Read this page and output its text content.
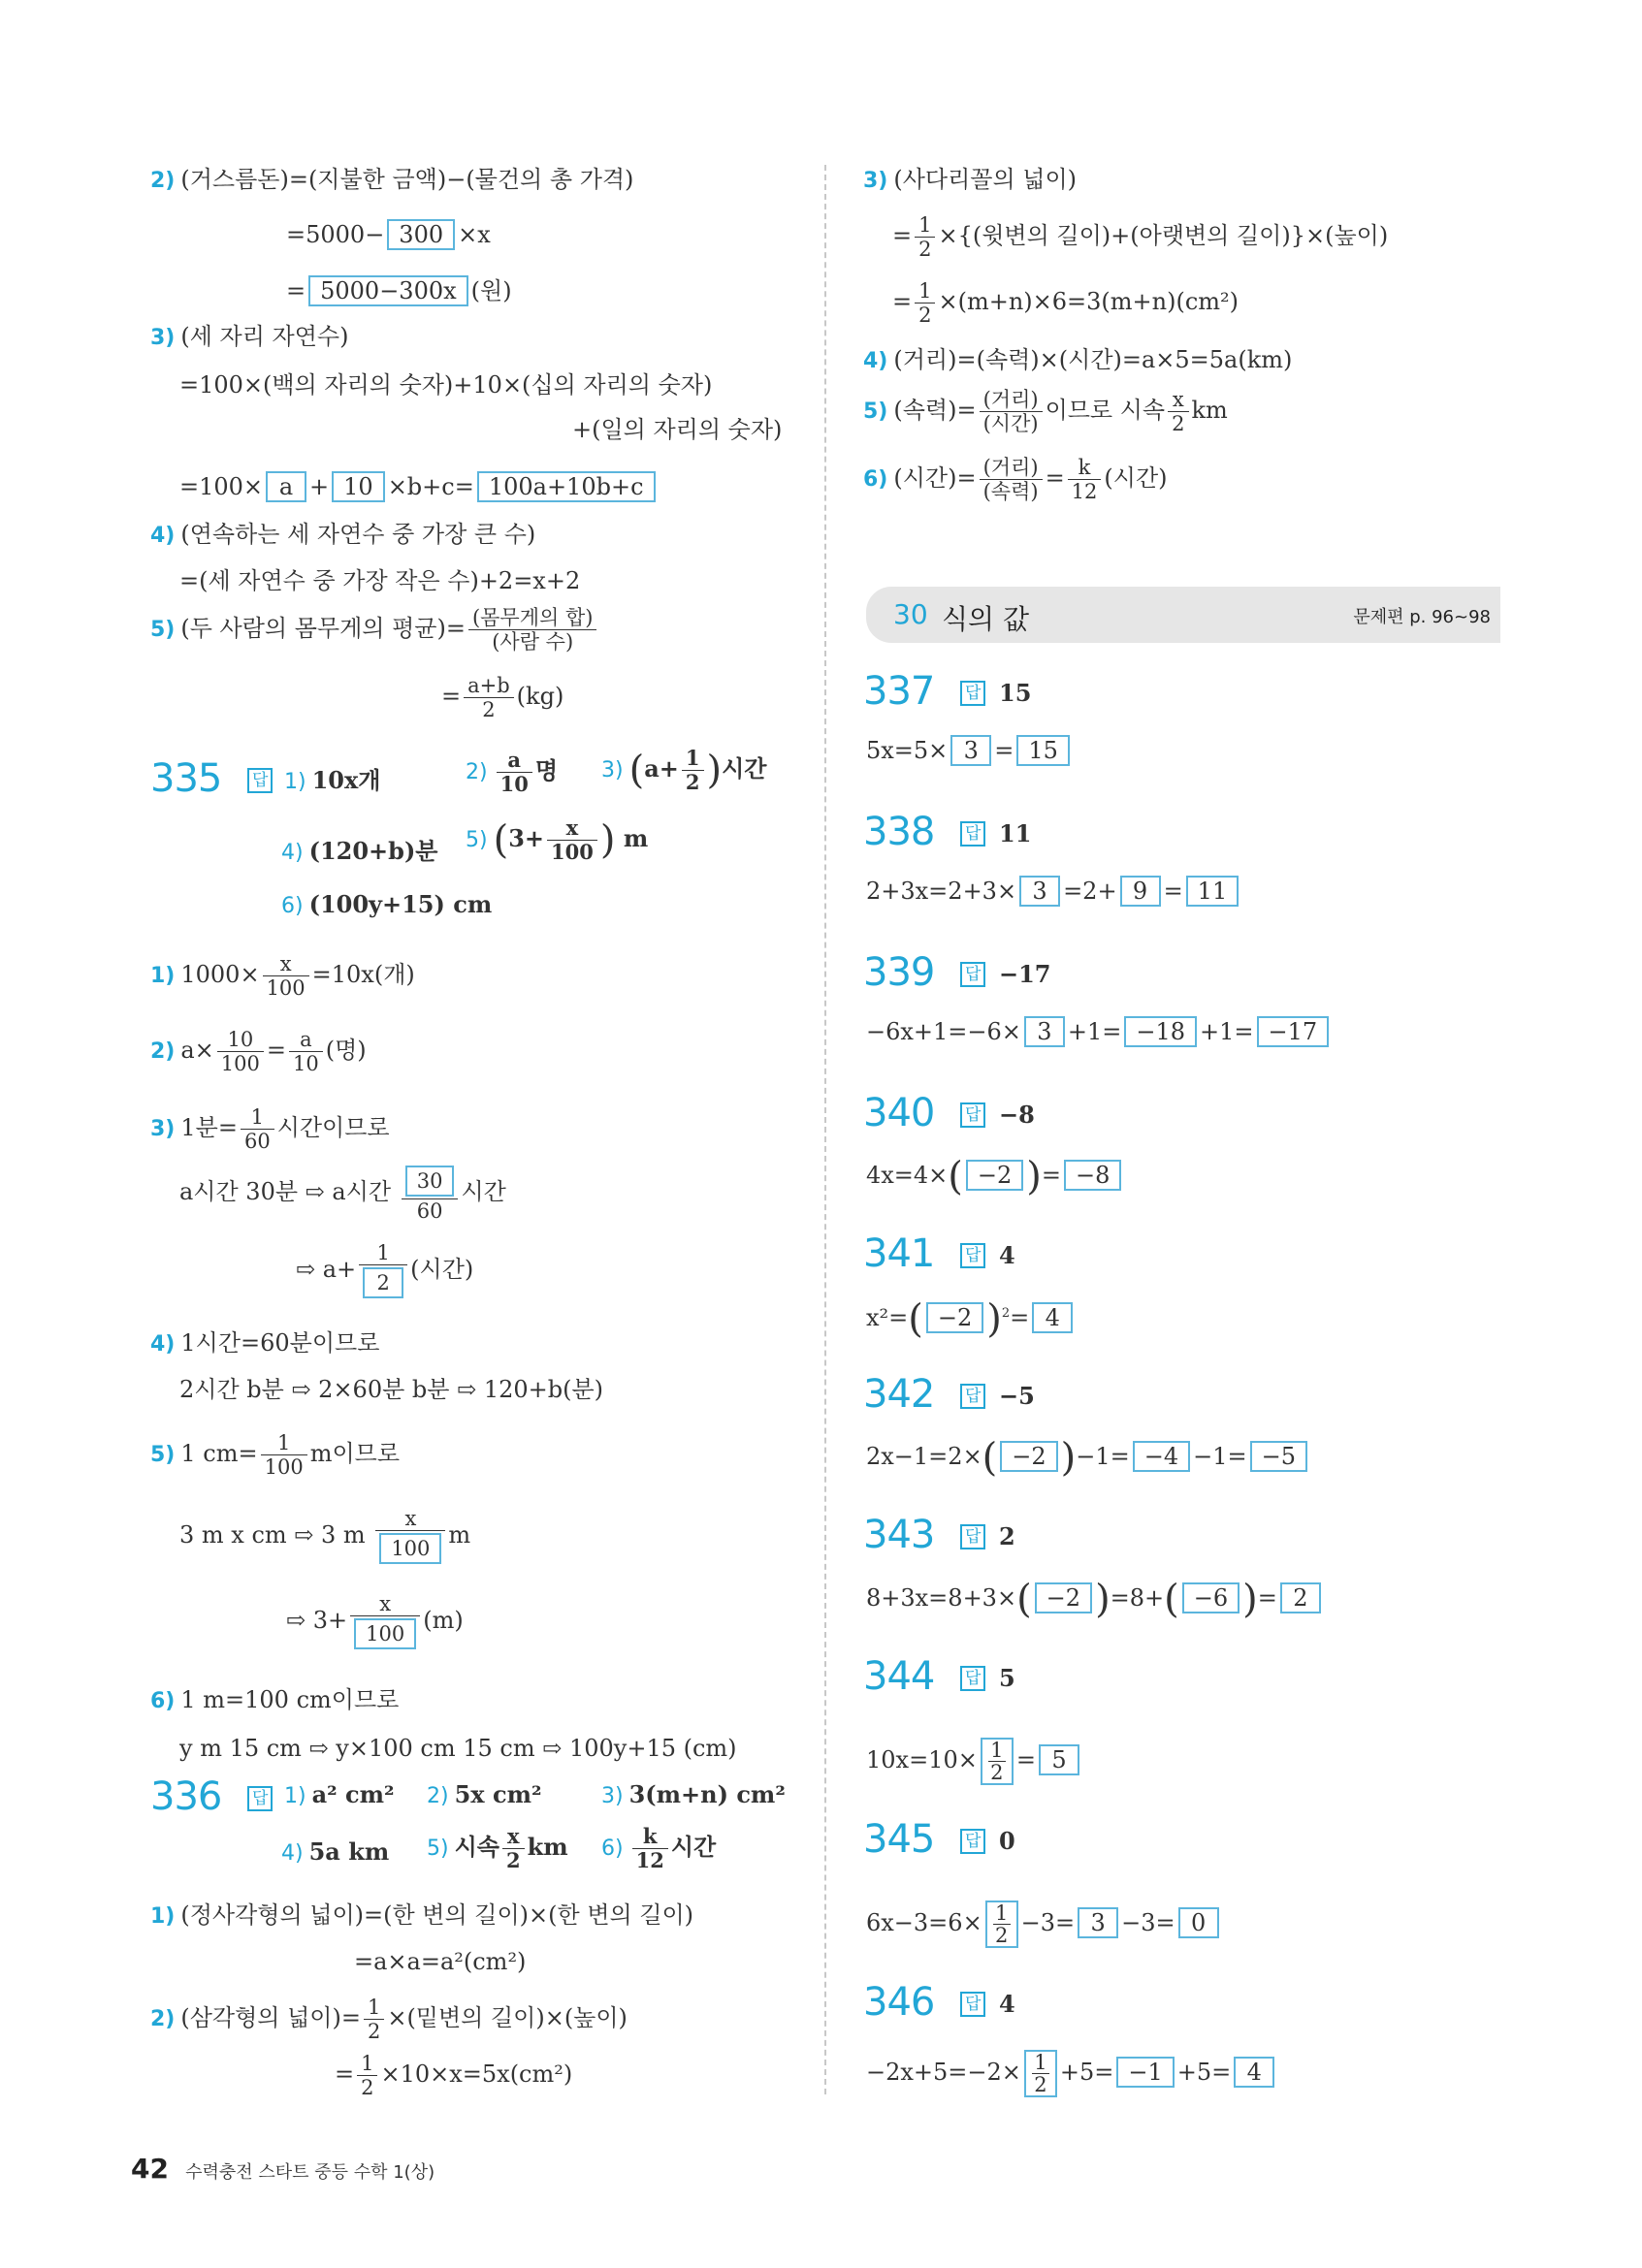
2) (거스름돈)=(지불한 금액)−(물건의 총 가격)
=5000− 300 ×x
= 5000−300x (원)
3) (세 자리 자연수)
=100×(백의 자리의 숫자)+10×(십의 자리의 숫자)
+(일의 자리의 숫자)
=100× a + 10 ×b+c= 100a+10b+c
4) (연속하는 세 자연수 중 가장 큰 수)
=(세 자연수 중 가장 작은 수)+2=x+2
5) (두 사람의 몸무게의 평균)= $\frac{\text{(몸무게의 합)}}{\text{(사람 수)}}$
= $\frac{a+b}{2} (kg)$
335 답 1) 10x개	$2) \frac{a}{10}$ 명 3) ($a+ \frac{1}{2}$ )시간
4) (120+b)분 5) ($3+ \frac{x}{100}$ ) m
6) (100y+15) cm
1) $1000\times \frac{x}{100} =10x$(개)
2) $a\times \frac{10}{100} = \frac{a}{10}$ (명)
3) 1분= $\frac{1}{60}$ 시간이므로
a시간 30분 ⇨ a시간 $\frac{30}{60}$ 시간
⇨ $a+ \frac{1}{2}$ (시간)
4) 1시간=60분이므로
2시간 b분 ⇨ 2×60분 b분 ⇨ 120+b(분)
5) 1 $cm= \frac{1}{100}$ m이므로
3 m x cm ⇨ 3 m $\frac{x}{100}$ m
⇨ $3+ \frac{x}{100} (m)$
6) 1 m=100 cm이므로
y m 15 cm ⇨ y×100 cm 15 cm ⇨ 100y+15 (cm)
336 답 1) a² cm² 2) 5x cm²	3) 3(m+n) cm²
4) 5a km 5) 시속 $\frac{x}{2}$ km $6) \frac{k}{12}$ 시간
1) (정사각형의 넓이)=(한 변의 길이)×(한 변의 길이)
=a×a=a²(cm²)
2) (삼각형의 넓이)= $\frac{1}{2}$ ×(밑변의 길이)×(높이)
= $\frac{1}{2} \times 10\times x=5x(cm^2)$
3) (사다리꼴의 넓이)
= $\frac{1}{2}$ ×{(윗변의 길이)+(아랫변의 길이)}×(높이)
= $\frac{1}{2} \times(m+n)\times 6=3(m+n)(cm^2)$
4) (거리)=(속력)×(시간)=a×5=5a(km)
5) (속력)= $\frac{\text{(거리)}}{\text{(시간)}}$ 이므로 시속 $\frac{x}{2}$ km
6) (시간)= $\frac{\text{(거리)}}{\text{(속력)}} = \frac{k}{12}$ (시간)
30 식의 값	문제편 p. 96~98
337 답 15
5x=5× 3 = 15
338 답 11
2+3x=2+3× 3 =2+ 9 = 11
339 답 −17
−6x+1=−6× 3 +1= −18 +1= −17
340 답 −8
4x=4×( −2 )= −8
341 답 4
x²=( −2 )$^2$= 4
342 답 −5
2x−1=2×( −2 )−1= −4 −1= −5
343 답 2
8+3x=8+3×( −2 )=8+( −6 )= 2
344 답 5
10x=10× 1
2 = 5
345 답 0
6x−3=6× 1
2 −3= 3 −3= 0
346 답 4
−2x+5=−2× 1
2 +5= −1 +5= 4
42 수력충전 스타트 중등 수학 1(상)
